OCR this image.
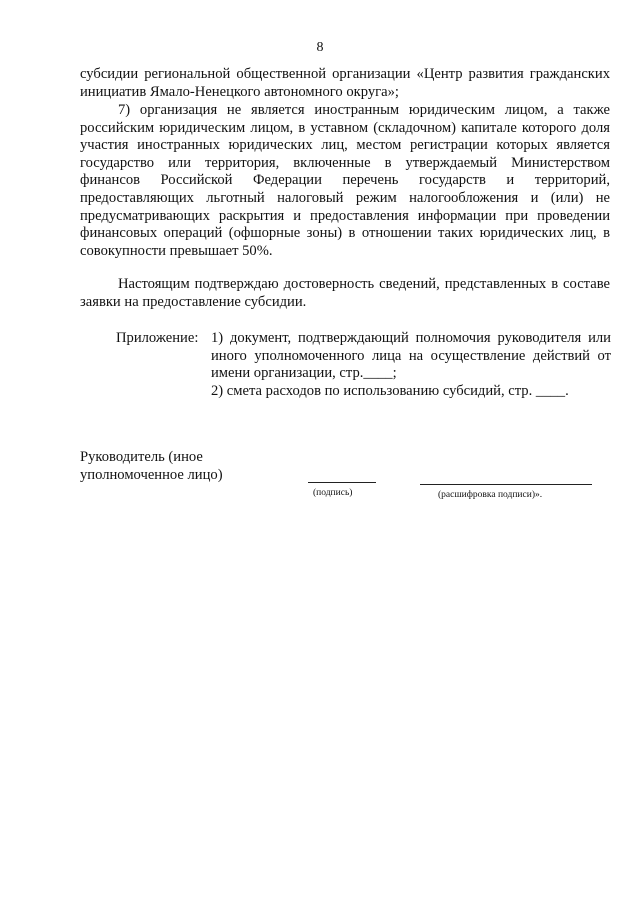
8

субсидии региональной общественной организации «Центр развития гражданских инициатив Ямало-Ненецкого автономного округа»;

7) организация не является иностранным юридическим лицом, а также российским юридическим лицом, в уставном (складочном) капитале которого доля участия иностранных юридических лиц, местом регистрации которых является государство или территория, включенные в утверждаемый Министерством финансов Российской Федерации перечень государств и территорий, предоставляющих льготный налоговый режим налогообложения и (или) не предусматривающих раскрытия и предоставления информации при проведении финансовых операций (офшорные зоны) в отношении таких юридических лиц, в совокупности превышает 50%.

Настоящим подтверждаю достоверность сведений, представленных в составе заявки на предоставление субсидии.

Приложение: 1) документ, подтверждающий полномочия руководителя или иного уполномоченного лица на осуществление действий от имени организации, стр.____;

2) смета расходов по использованию субсидий, стр. ____.

Руководитель (иное
уполномоченное лицо)
(подпись)	(расшифровка подписи)».
